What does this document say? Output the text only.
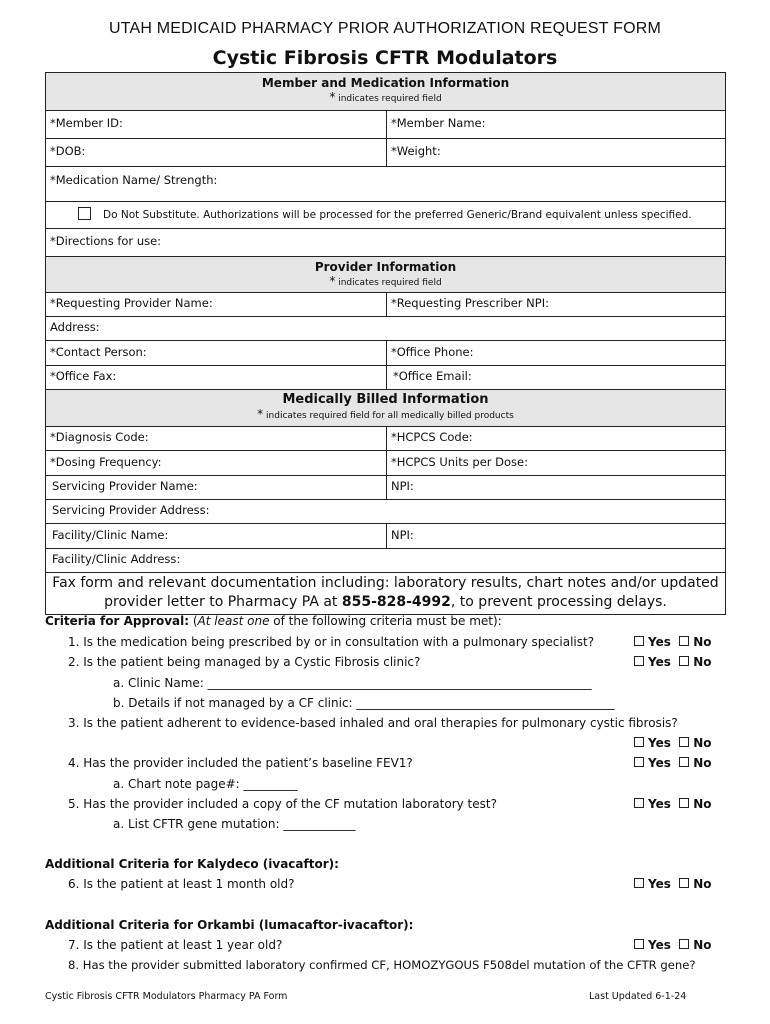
UTAH MEDICAID PHARMACY PRIOR AUTHORIZATION REQUEST FORM
Cystic Fibrosis CFTR Modulators
Member and Medication Information
* indicates required field
*Member ID:	*Member Name:
*DOB:	*Weight:
*Medication Name/ Strength:
Do Not Substitute. Authorizations will be processed for the preferred Generic/Brand equivalent unless specified.
*Directions for use:
Provider Information
* indicates required field
*Requesting Provider Name:	*Requesting Prescriber NPI:
Address:
*Contact Person:	*Office Phone:
*Office Fax:	*Office Email:
Medically Billed Information
* indicates required field for all medically billed products
*Diagnosis Code:	*HCPCS Code:
*Dosing Frequency:	*HCPCS Units per Dose:
Servicing Provider Name:	NPI:
Servicing Provider Address:
Facility/Clinic Name:	NPI:
Facility/Clinic Address:
Fax form and relevant documentation including: laboratory results, chart notes and/or updated
provider letter to Pharmacy PA at 855-828-4992, to prevent processing delays.
Criteria for Approval: (At least one of the following criteria must be met):
1. Is the medication being prescribed by or in consultation with a pulmonary specialist?	Yes No
2. Is the patient being managed by a Cystic Fibrosis clinic?	Yes No
a. Clinic Name: ________________________________________________________________
b. Details if not managed by a CF clinic: ___________________________________________
3. Is the patient adherent to evidence-based inhaled and oral therapies for pulmonary cystic fibrosis?
Yes No
4. Has the provider included the patient’s baseline FEV1?	Yes No
a. Chart note page#: _________
5. Has the provider included a copy of the CF mutation laboratory test?	Yes No
a. List CFTR gene mutation: ____________
Additional Criteria for Kalydeco (ivacaftor):
6. Is the patient at least 1 month old?	Yes No
Additional Criteria for Orkambi (lumacaftor-ivacaftor):
7. Is the patient at least 1 year old?	Yes No
8. Has the provider submitted laboratory confirmed CF, HOMOZYGOUS F508del mutation of the CFTR gene?
Cystic Fibrosis CFTR Modulators Pharmacy PA Form	Last Updated 6-1-24
